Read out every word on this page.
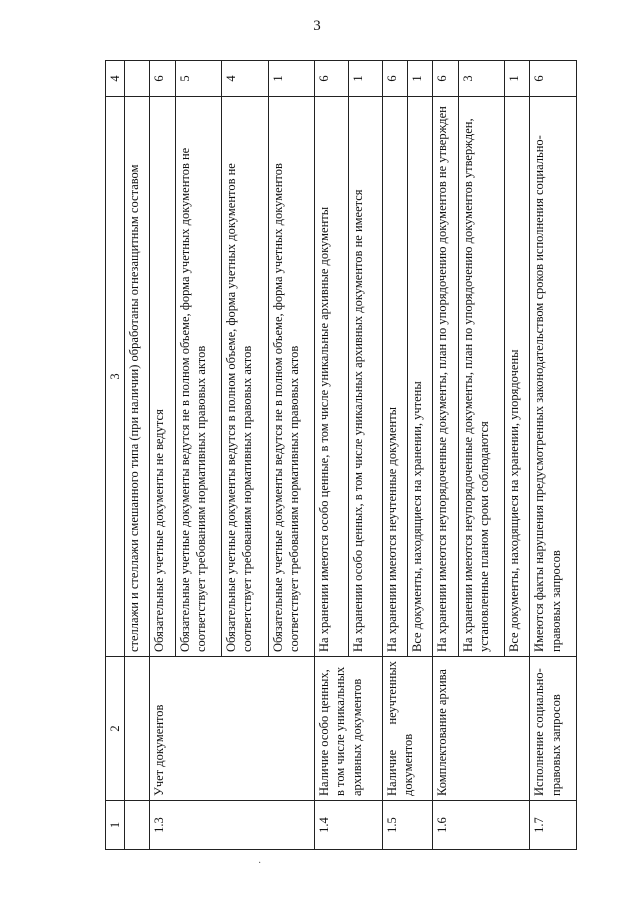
3
1	2	3	4
		стеллажи и стеллажи смешанного типа (при наличии) обработаны огнезащитным составом	
1.3	Учет документов	Обязательные учетные документы не ведутся	6
		Обязательные учетные документы ведутся не в полном объеме, форма учетных документов не соответствует требованиям нормативных правовых актов	5
		Обязательные учетные документы ведутся в полном объеме, форма учетных документов не соответствует требованиям нормативных правовых актов	4
		Обязательные учетные документы ведутся не в полном объеме, форма учетных документов соответствует требованиям нормативных правовых актов	1
1.4	Наличие особо ценных, в том числе уникальных архивных документов	На хранении имеются особо ценные, в том числе уникальные архивные документы	6
		На хранении особо ценных, в том числе уникальных архивных документов не имеется	1
1.5	Наличие неучтенных документов	На хранении имеются неучтенные документы	6
		Все документы, находящиеся на хранении, учтены	1
1.6	Комплектование архива	На хранении имеются неупорядоченные документы, план по упорядочению документов не утвержден	6
		На хранении имеются неупорядоченные документы, план по упорядочению документов утвержден, установленные планом сроки соблюдаются	3
		Все документы, находящиеся на хранении, упорядочены	1
1.7	Исполнение социально-правовых запросов	Имеются факты нарушения предусмотренных законодательством сроков исполнения социально-правовых запросов	6
·
